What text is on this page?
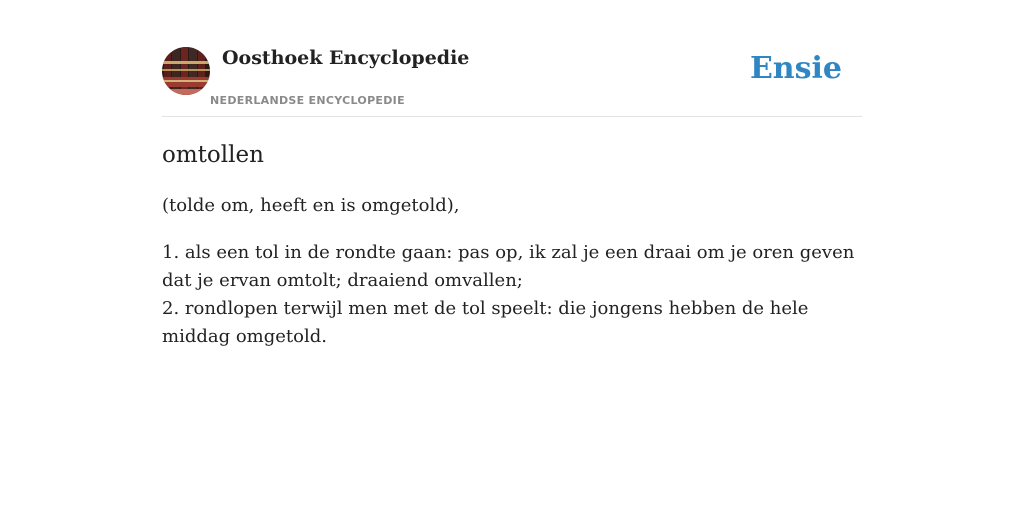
Oosthoek Encyclopedie
NEDERLANDSE ENCYCLOPEDIE
Ensie
omtollen

(tolde om, heeft en is omgetold),

1. als een tol in de rondte gaan: pas op, ik zal je een draai om je oren geven dat je ervan omtolt; draaiend omvallen;
2. rondlopen terwijl men met de tol speelt: die jongens hebben de hele middag omgetold.
